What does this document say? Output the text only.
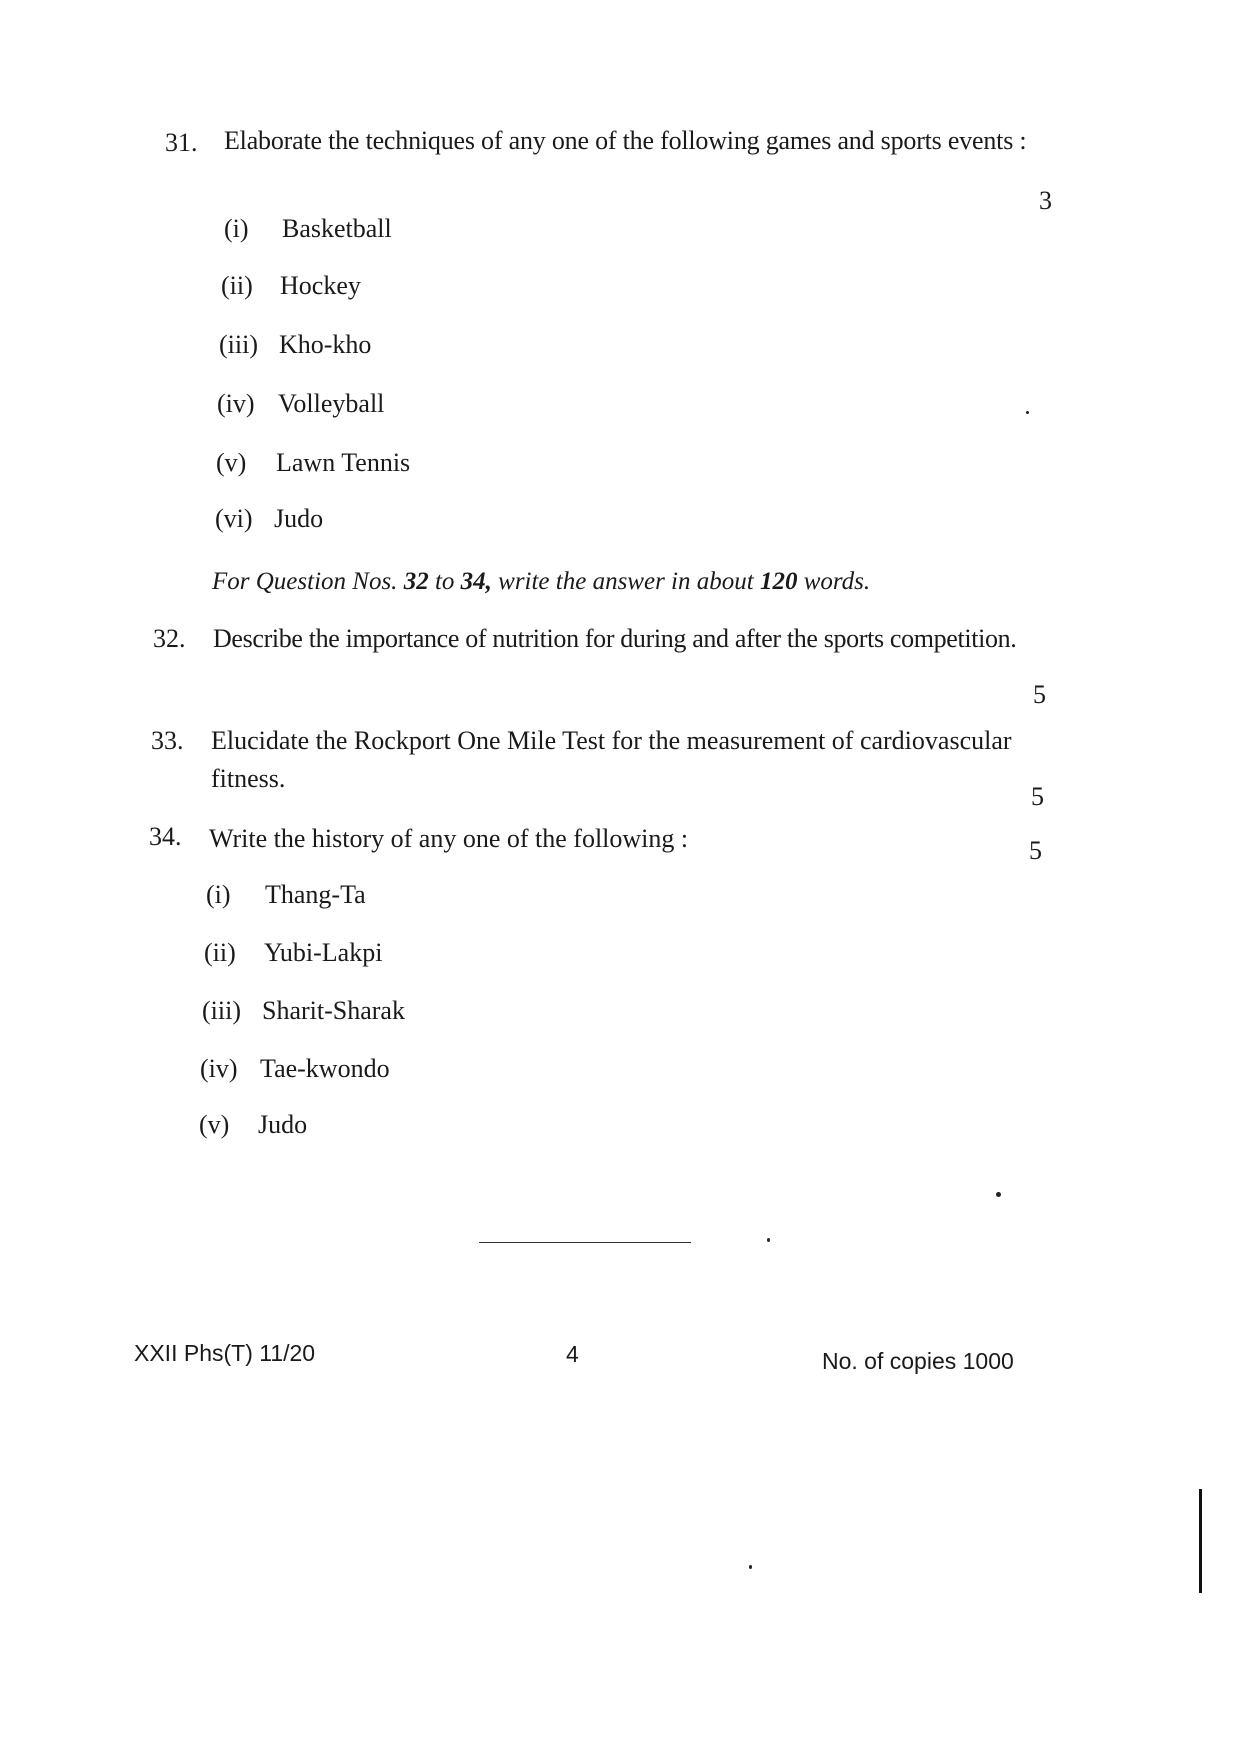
31. Elaborate the techniques of any one of the following games and sports events :
3
(i) Basketball
(ii) Hockey
(iii) Kho-kho
(iv) Volleyball
(v) Lawn Tennis
(vi) Judo
For Question Nos. 32 to 34, write the answer in about 120 words.
32. Describe the importance of nutrition for during and after the sports competition.
5
33. Elucidate the Rockport One Mile Test for the measurement of cardiovascular
fitness.
5
34. Write the history of any one of the following :	5
(i) Thang-Ta
(ii) Yubi-Lakpi
(iii) Sharit-Sharak
(iv) Tae-kwondo
(v) Judo
XXII Phs(T) 11/20	4	No. of copies 1000
